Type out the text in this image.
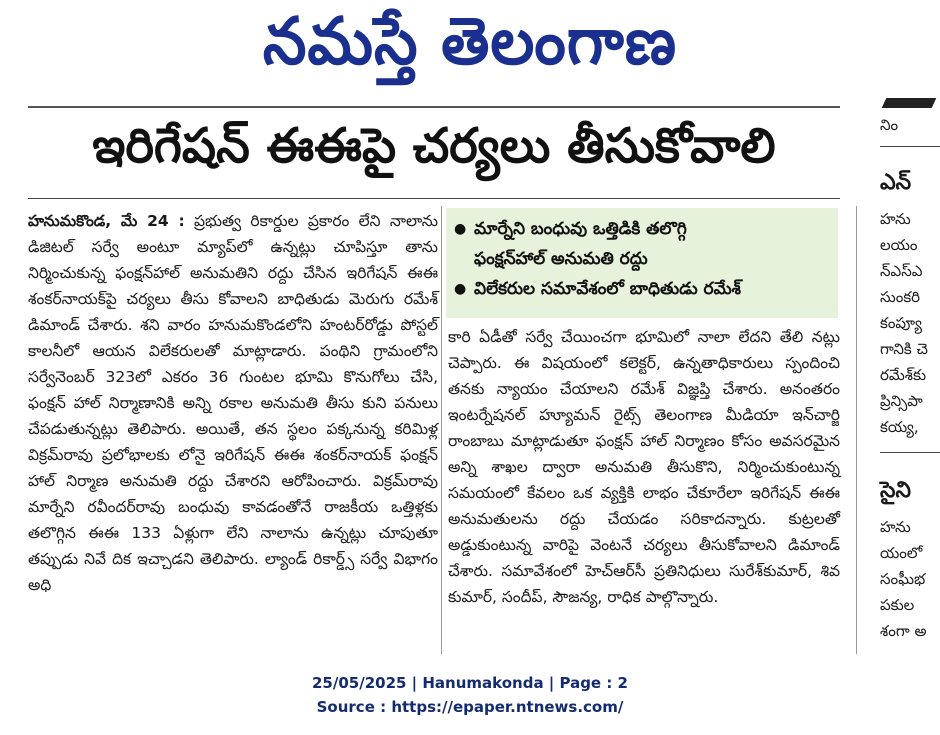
నమస్తే తెలంగాణ
ఇరిగేషన్ ఈఈపై చర్యలు తీసుకోవాలి

హనుమకొండ, మే 24 : ప్రభుత్వ రికార్డుల ప్రకారం లేని నాలాను డిజిటల్ సర్వే అంటూ మ్యాప్‌లో ఉన్నట్లు చూపిస్తూ తాను నిర్మించుకున్న ఫంక్షన్‌హాల్ అనుమతిని రద్దు చేసిన ఇరిగేషన్ ఈఈ శంకర్‌నాయక్‌పై చర్యలు తీసు కోవాలని బాధితుడు మెరుగు రమేశ్ డిమాండ్ చేశారు. శని వారం హనుమకొండలోని హంటర్‌రోడ్డు పోస్టల్ కాలనీలో ఆయన విలేకరులతో మాట్లాడారు. పంథిని గ్రామంలోని సర్వేనెంబర్ 323లో ఎకరం 36 గుంటల భూమి కొనుగోలు చేసి, ఫంక్షన్ హాల్ నిర్మాణానికి అన్ని రకాల అనుమతి తీసు కుని పనులు చేపడుతున్నట్లు తెలిపారు. అయితే, తన స్థలం పక్కనున్న కరిమిళ్ల విక్రమ్‌రావు ప్రలోభాలకు లోనై ఇరిగేషన్ ఈఈ శంకర్‌నాయక్ ఫంక్షన్ హాల్ నిర్మాణ అనుమతి రద్దు చేశారని ఆరోపించారు. విక్రమ్‌రావు మార్నేని రవీందర్‌రావు బంధువు కావడంతోనే రాజకీయ ఒత్తిళ్లకు తలొగ్గిన ఈఈ 133 ఏళ్లుగా లేని నాలాను ఉన్నట్లు చూపుతూ తప్పుడు నివే దిక ఇచ్చాడని తెలిపారు. ల్యాండ్ రికార్డ్స్ సర్వే విభాగం అధి

● మార్నేని బంధువు ఒత్తిడికి తలొగ్గి
ఫంక్షన్‌హాల్ అనుమతి రద్దు
● విలేకరుల సమావేశంలో బాధితుడు రమేశ్

కారి ఏడీతో సర్వే చేయించగా భూమిలో నాలా లేదని తేలి నట్లు చెప్పారు. ఈ విషయంలో కలెక్టర్, ఉన్నతాధికారులు స్పందించి తనకు న్యాయం చేయాలని రమేశ్ విజ్ఞప్తి చేశారు. అనంతరం ఇంటర్నేషనల్ హ్యూమన్ రైట్స్ తెలంగాణ మీడియా ఇన్‌చార్జి రాంబాబు మాట్లాడుతూ ఫంక్షన్ హాల్ నిర్మాణం కోసం అవసరమైన అన్ని శాఖల ద్వారా అనుమతి తీసుకొని, నిర్మించుకుంటున్న సమయంలో కేవలం ఒక వ్యక్తికి లాభం చేకూరేలా ఇరిగేషన్ ఈఈ అనుమతులను రద్దు చేయడం సరికాదన్నారు. కుట్రలతో అడ్డుకుంటున్న వారిపై వెంటనే చర్యలు తీసుకోవాలని డిమాండ్ చేశారు. సమావేశంలో హెచ్ఆర్‌సీ ప్రతినిధులు సురేశ్‌కుమార్, శివ కుమార్, సందీప్, సౌజన్య, రాధిక పాల్గొన్నారు.

నిం
ఎన్
హను
లయం
న్ఎస్ఎ
సుంకరి
కంప్యూ
గానికి చె
రమేశ్‌కు
ప్రిన్సిపా
కయ్య,
సైని
హను
యంలో
సంఘీభ
పకుల
శంగా అ
25/05/2025 | Hanumakonda | Page : 2
Source : https://epaper.ntnews.com/
